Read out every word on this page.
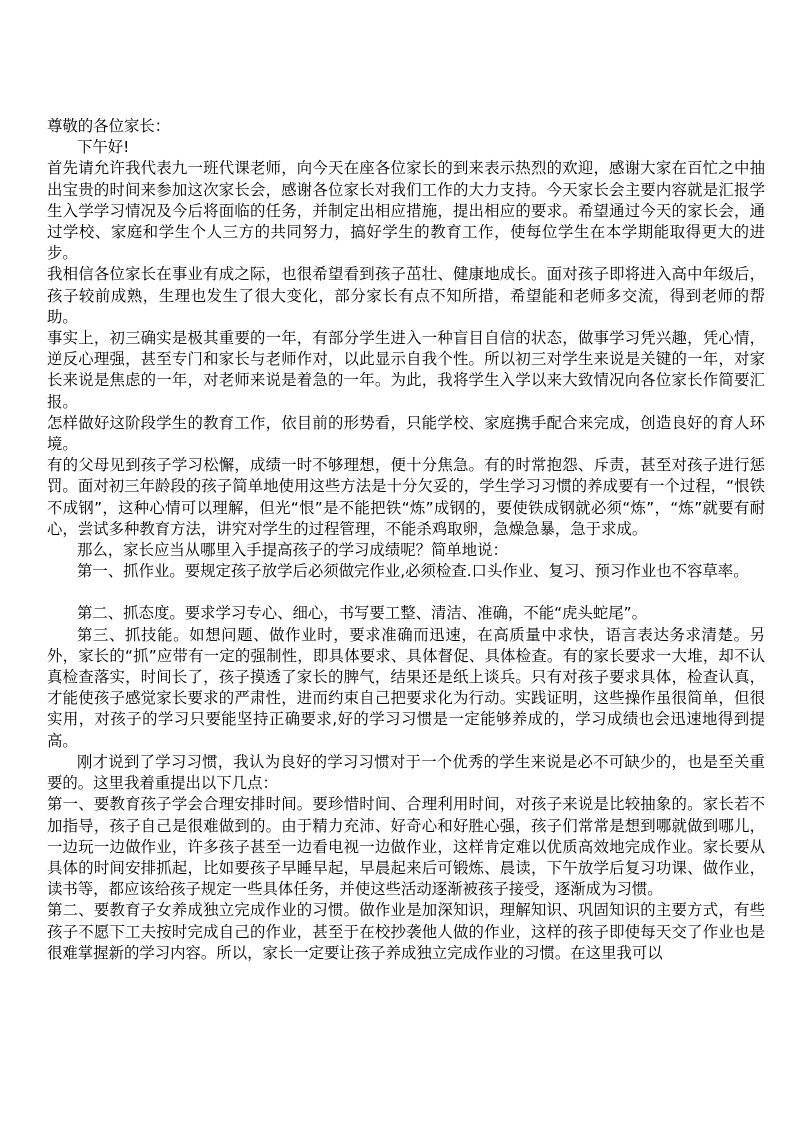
尊敬的各位家长：

下午好!

首先请允许我代表九一班代课老师，向今天在座各位家长的到来表示热烈的欢迎，感谢大家在百忙之中抽出宝贵的时间来参加这次家长会，感谢各位家长对我们工作的大力支持。今天家长会主要内容就是汇报学生入学学习情况及今后将面临的任务，并制定出相应措施，提出相应的要求。希望通过今天的家长会，通过学校、家庭和学生个人三方的共同努力，搞好学生的教育工作，使每位学生在本学期能取得更大的进步。

我相信各位家长在事业有成之际，也很希望看到孩子茁壮、健康地成长。面对孩子即将进入高中年级后，孩子较前成熟，生理也发生了很大变化，部分家长有点不知所措，希望能和老师多交流，得到老师的帮助。

事实上，初三确实是极其重要的一年，有部分学生进入一种盲目自信的状态，做事学习凭兴趣，凭心情，逆反心理强，甚至专门和家长与老师作对，以此显示自我个性。所以初三对学生来说是关键的一年，对家长来说是焦虑的一年，对老师来说是着急的一年。为此，我将学生入学以来大致情况向各位家长作简要汇报。

怎样做好这阶段学生的教育工作，依目前的形势看，只能学校、家庭携手配合来完成，创造良好的育人环境。

有的父母见到孩子学习松懈，成绩一时不够理想，便十分焦急。有的时常抱怨、斥责，甚至对孩子进行惩罚。面对初三年龄段的孩子简单地使用这些方法是十分欠妥的，学生学习习惯的养成要有一个过程，“恨铁不成钢”，这种心情可以理解，但光“恨”是不能把铁“炼”成钢的，要使铁成钢就必须“炼”，“炼”就要有耐心，尝试多种教育方法，讲究对学生的过程管理，不能杀鸡取卵，急燥急暴，急于求成。

那么，家长应当从哪里入手提高孩子的学习成绩呢？简单地说：

第一、抓作业。要规定孩子放学后必须做完作业,必须检查.口头作业、复习、预习作业也不容草率。

第二、抓态度。要求学习专心、细心，书写要工整、清洁、准确，不能“虎头蛇尾”。

第三、抓技能。如想问题、做作业时，要求准确而迅速，在高质量中求快，语言表达务求清楚。另外，家长的“抓”应带有一定的强制性，即具体要求、具体督促、具体检查。有的家长要求一大堆，却不认真检查落实，时间长了，孩子摸透了家长的脾气，结果还是纸上谈兵。只有对孩子要求具体，检查认真，才能使孩子感觉家长要求的严肃性，进而约束自己把要求化为行动。实践证明，这些操作虽很简单，但很实用，对孩子的学习只要能坚持正确要求,好的学习习惯是一定能够养成的，学习成绩也会迅速地得到提高。

刚才说到了学习习惯，我认为良好的学习习惯对于一个优秀的学生来说是必不可缺少的，也是至关重要的。这里我着重提出以下几点：

第一、要教育孩子学会合理安排时间。要珍惜时间、合理利用时间，对孩子来说是比较抽象的。家长若不加指导，孩子自己是很难做到的。由于精力充沛、好奇心和好胜心强，孩子们常常是想到哪就做到哪儿，一边玩一边做作业，许多孩子甚至一边看电视一边做作业，这样肯定难以优质高效地完成作业。家长要从具体的时间安排抓起，比如要孩子早睡早起，早晨起来后可锻炼、晨读，下午放学后复习功课、做作业，读书等，都应该给孩子规定一些具体任务，并使这些活动逐渐被孩子接受，逐渐成为习惯。

第二、要教育子女养成独立完成作业的习惯。做作业是加深知识，理解知识、巩固知识的主要方式，有些孩子不愿下工夫按时完成自己的作业，甚至于在校抄袭他人做的作业，这样的孩子即使每天交了作业也是很难掌握新的学习内容。所以，家长一定要让孩子养成独立完成作业的习惯。在这里我可以
